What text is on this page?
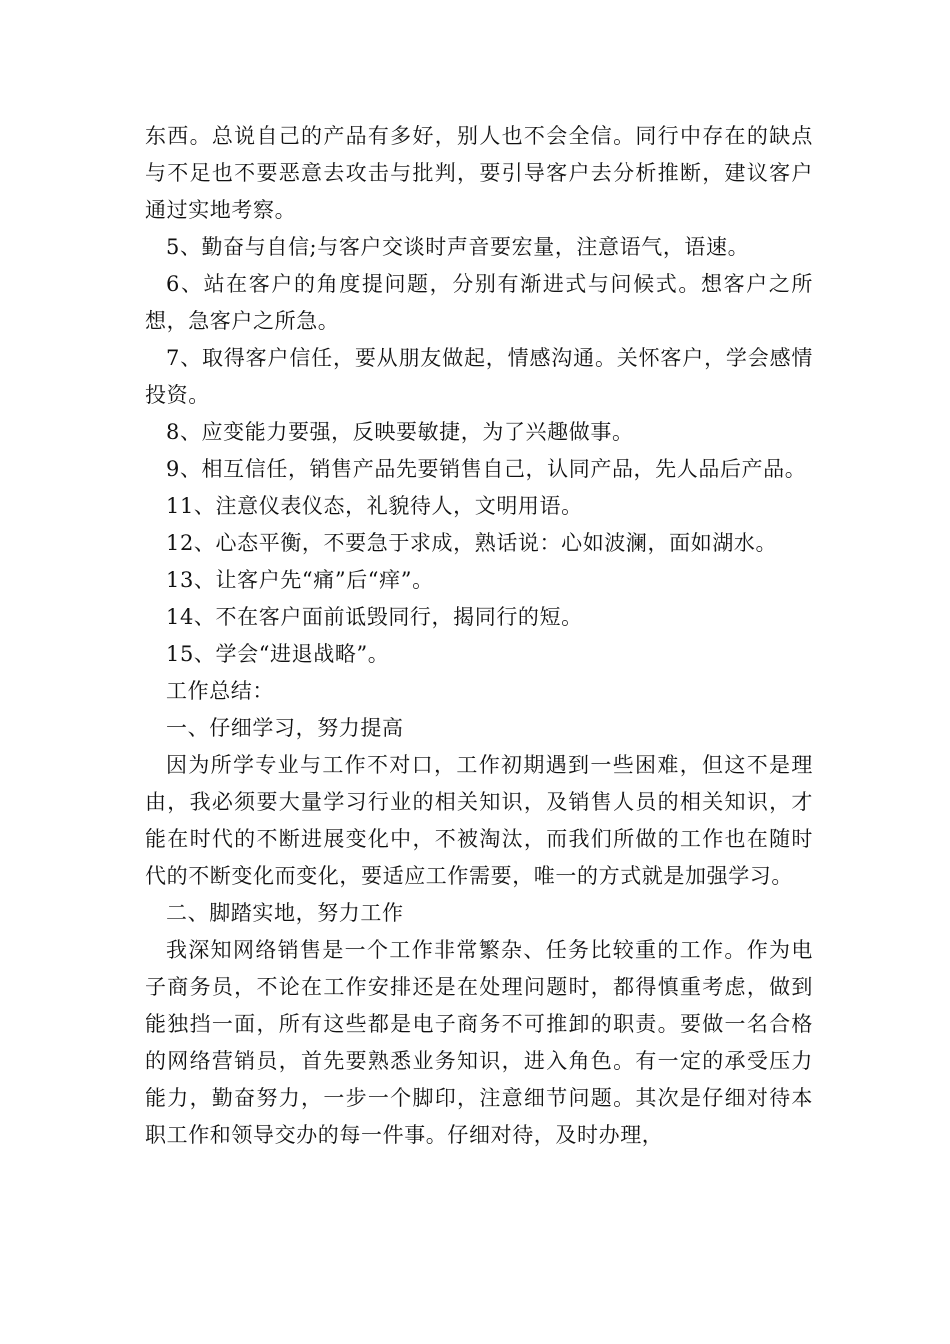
东西。总说自己的产品有多好，别人也不会全信。同行中存在的缺点与不足也不要恶意去攻击与批判，要引导客户去分析推断，建议客户通过实地考察。

5、勤奋与自信;与客户交谈时声音要宏量，注意语气，语速。

6、站在客户的角度提问题，分别有渐进式与问候式。想客户之所想，急客户之所急。

7、取得客户信任，要从朋友做起，情感沟通。关怀客户，学会感情投资。

8、应变能力要强，反映要敏捷，为了兴趣做事。

9、相互信任，销售产品先要销售自己，认同产品，先人品后产品。

11、注意仪表仪态，礼貌待人，文明用语。

12、心态平衡，不要急于求成，熟话说：心如波澜，面如湖水。

13、让客户先“痛”后“痒”。

14、不在客户面前诋毁同行，揭同行的短。

15、学会“进退战略”。

工作总结：

一、仔细学习，努力提高

因为所学专业与工作不对口，工作初期遇到一些困难，但这不是理由，我必须要大量学习行业的相关知识，及销售人员的相关知识，才能在时代的不断进展变化中，不被淘汰，而我们所做的工作也在随时代的不断变化而变化，要适应工作需要，唯一的方式就是加强学习。

二、脚踏实地，努力工作

我深知网络销售是一个工作非常繁杂、任务比较重的工作。作为电子商务员，不论在工作安排还是在处理问题时，都得慎重考虑，做到能独挡一面，所有这些都是电子商务不可推卸的职责。要做一名合格的网络营销员，首先要熟悉业务知识，进入角色。有一定的承受压力能力，勤奋努力，一步一个脚印，注意细节问题。其次是仔细对待本职工作和领导交办的每一件事。仔细对待，及时办理，
